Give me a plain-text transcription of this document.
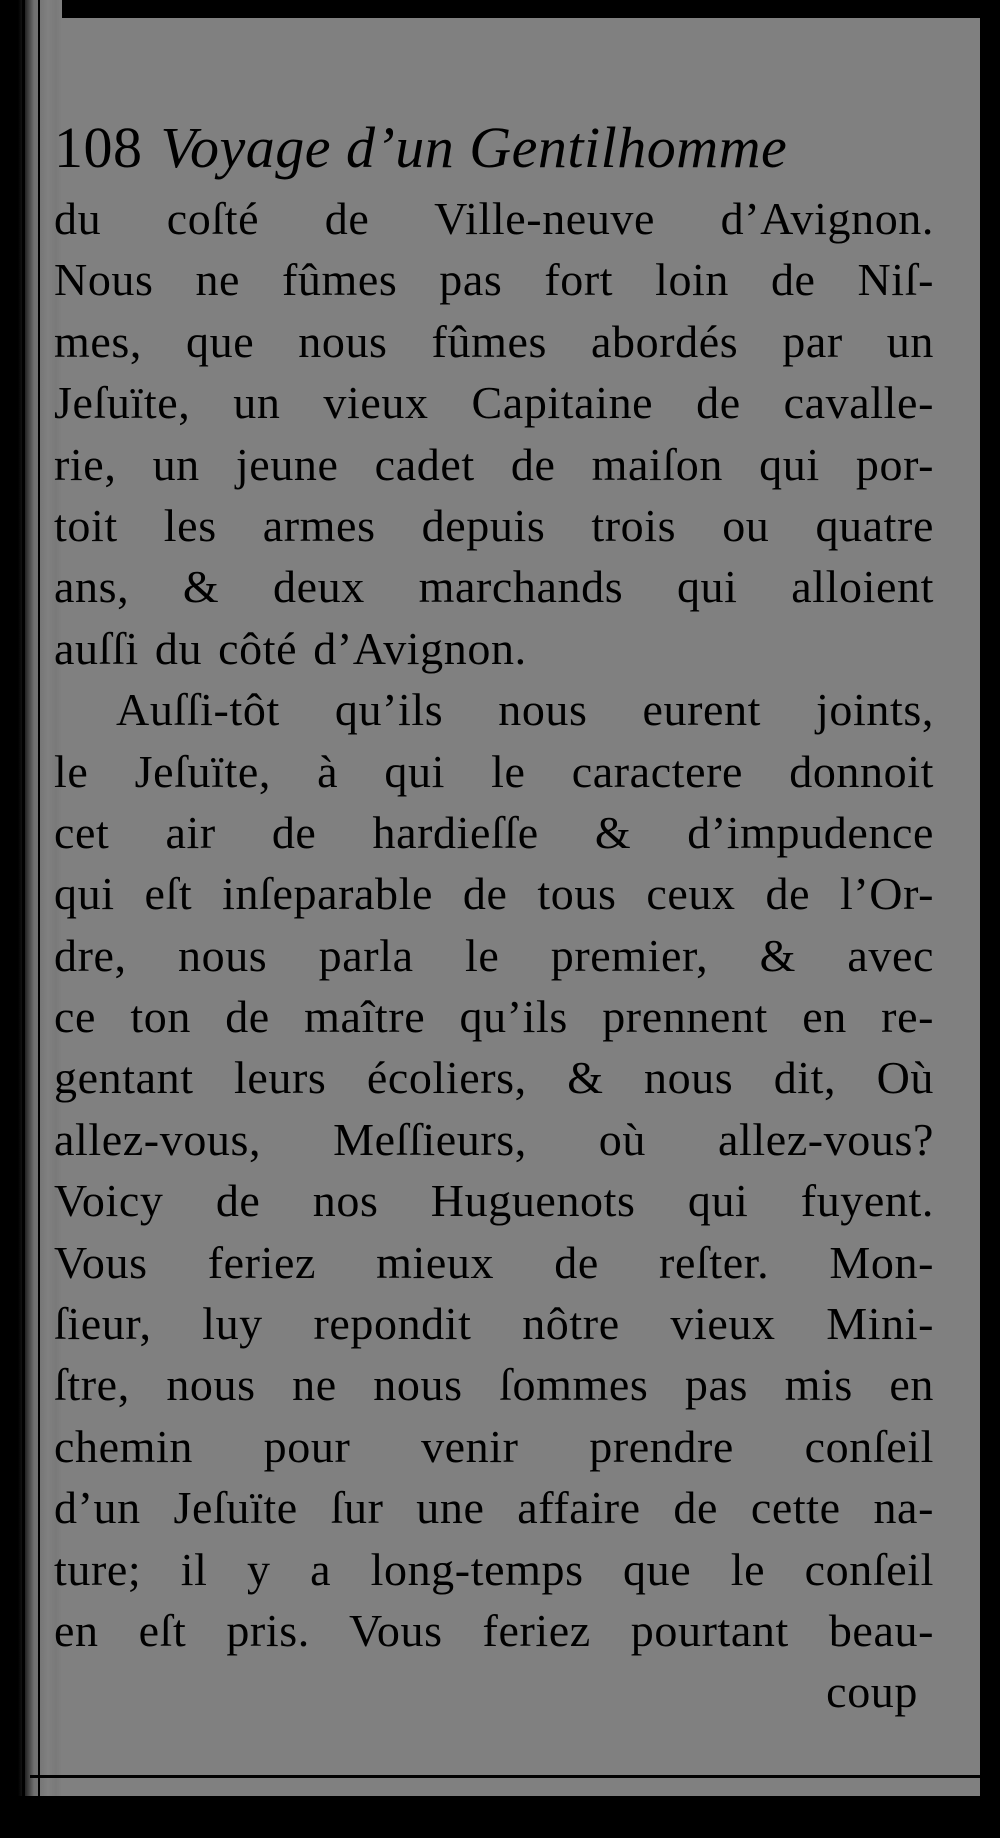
108 Voyage d’un Gentilhomme
du coſté de Ville-neuve d’Avignon.
Nous ne fûmes pas fort loin de Niſ-
mes, que nous fûmes abordés par un
Jeſuïte, un vieux Capitaine de cavalle-
rie, un jeune cadet de maiſon qui por-
toit les armes depuis trois ou quatre
ans, & deux marchands qui alloient
auſſi du côté d’Avignon.
Auſſi-tôt qu’ils nous eurent joints,
le Jeſuïte, à qui le caractere donnoit
cet air de hardieſſe & d’impudence
qui eſt inſeparable de tous ceux de l’Or-
dre, nous parla le premier, & avec
ce ton de maître qu’ils prennent en re-
gentant leurs écoliers, & nous dit, Où
allez-vous, Meſſieurs, où allez-vous?
Voicy de nos Huguenots qui fuyent.
Vous feriez mieux de reſter. Mon-
ſieur, luy repondit nôtre vieux Mini-
ſtre, nous ne nous ſommes pas mis en
chemin pour venir prendre conſeil
d’un Jeſuïte ſur une affaire de cette na-
ture; il y a long-temps que le conſeil
en eſt pris. Vous feriez pourtant beau-
coup
